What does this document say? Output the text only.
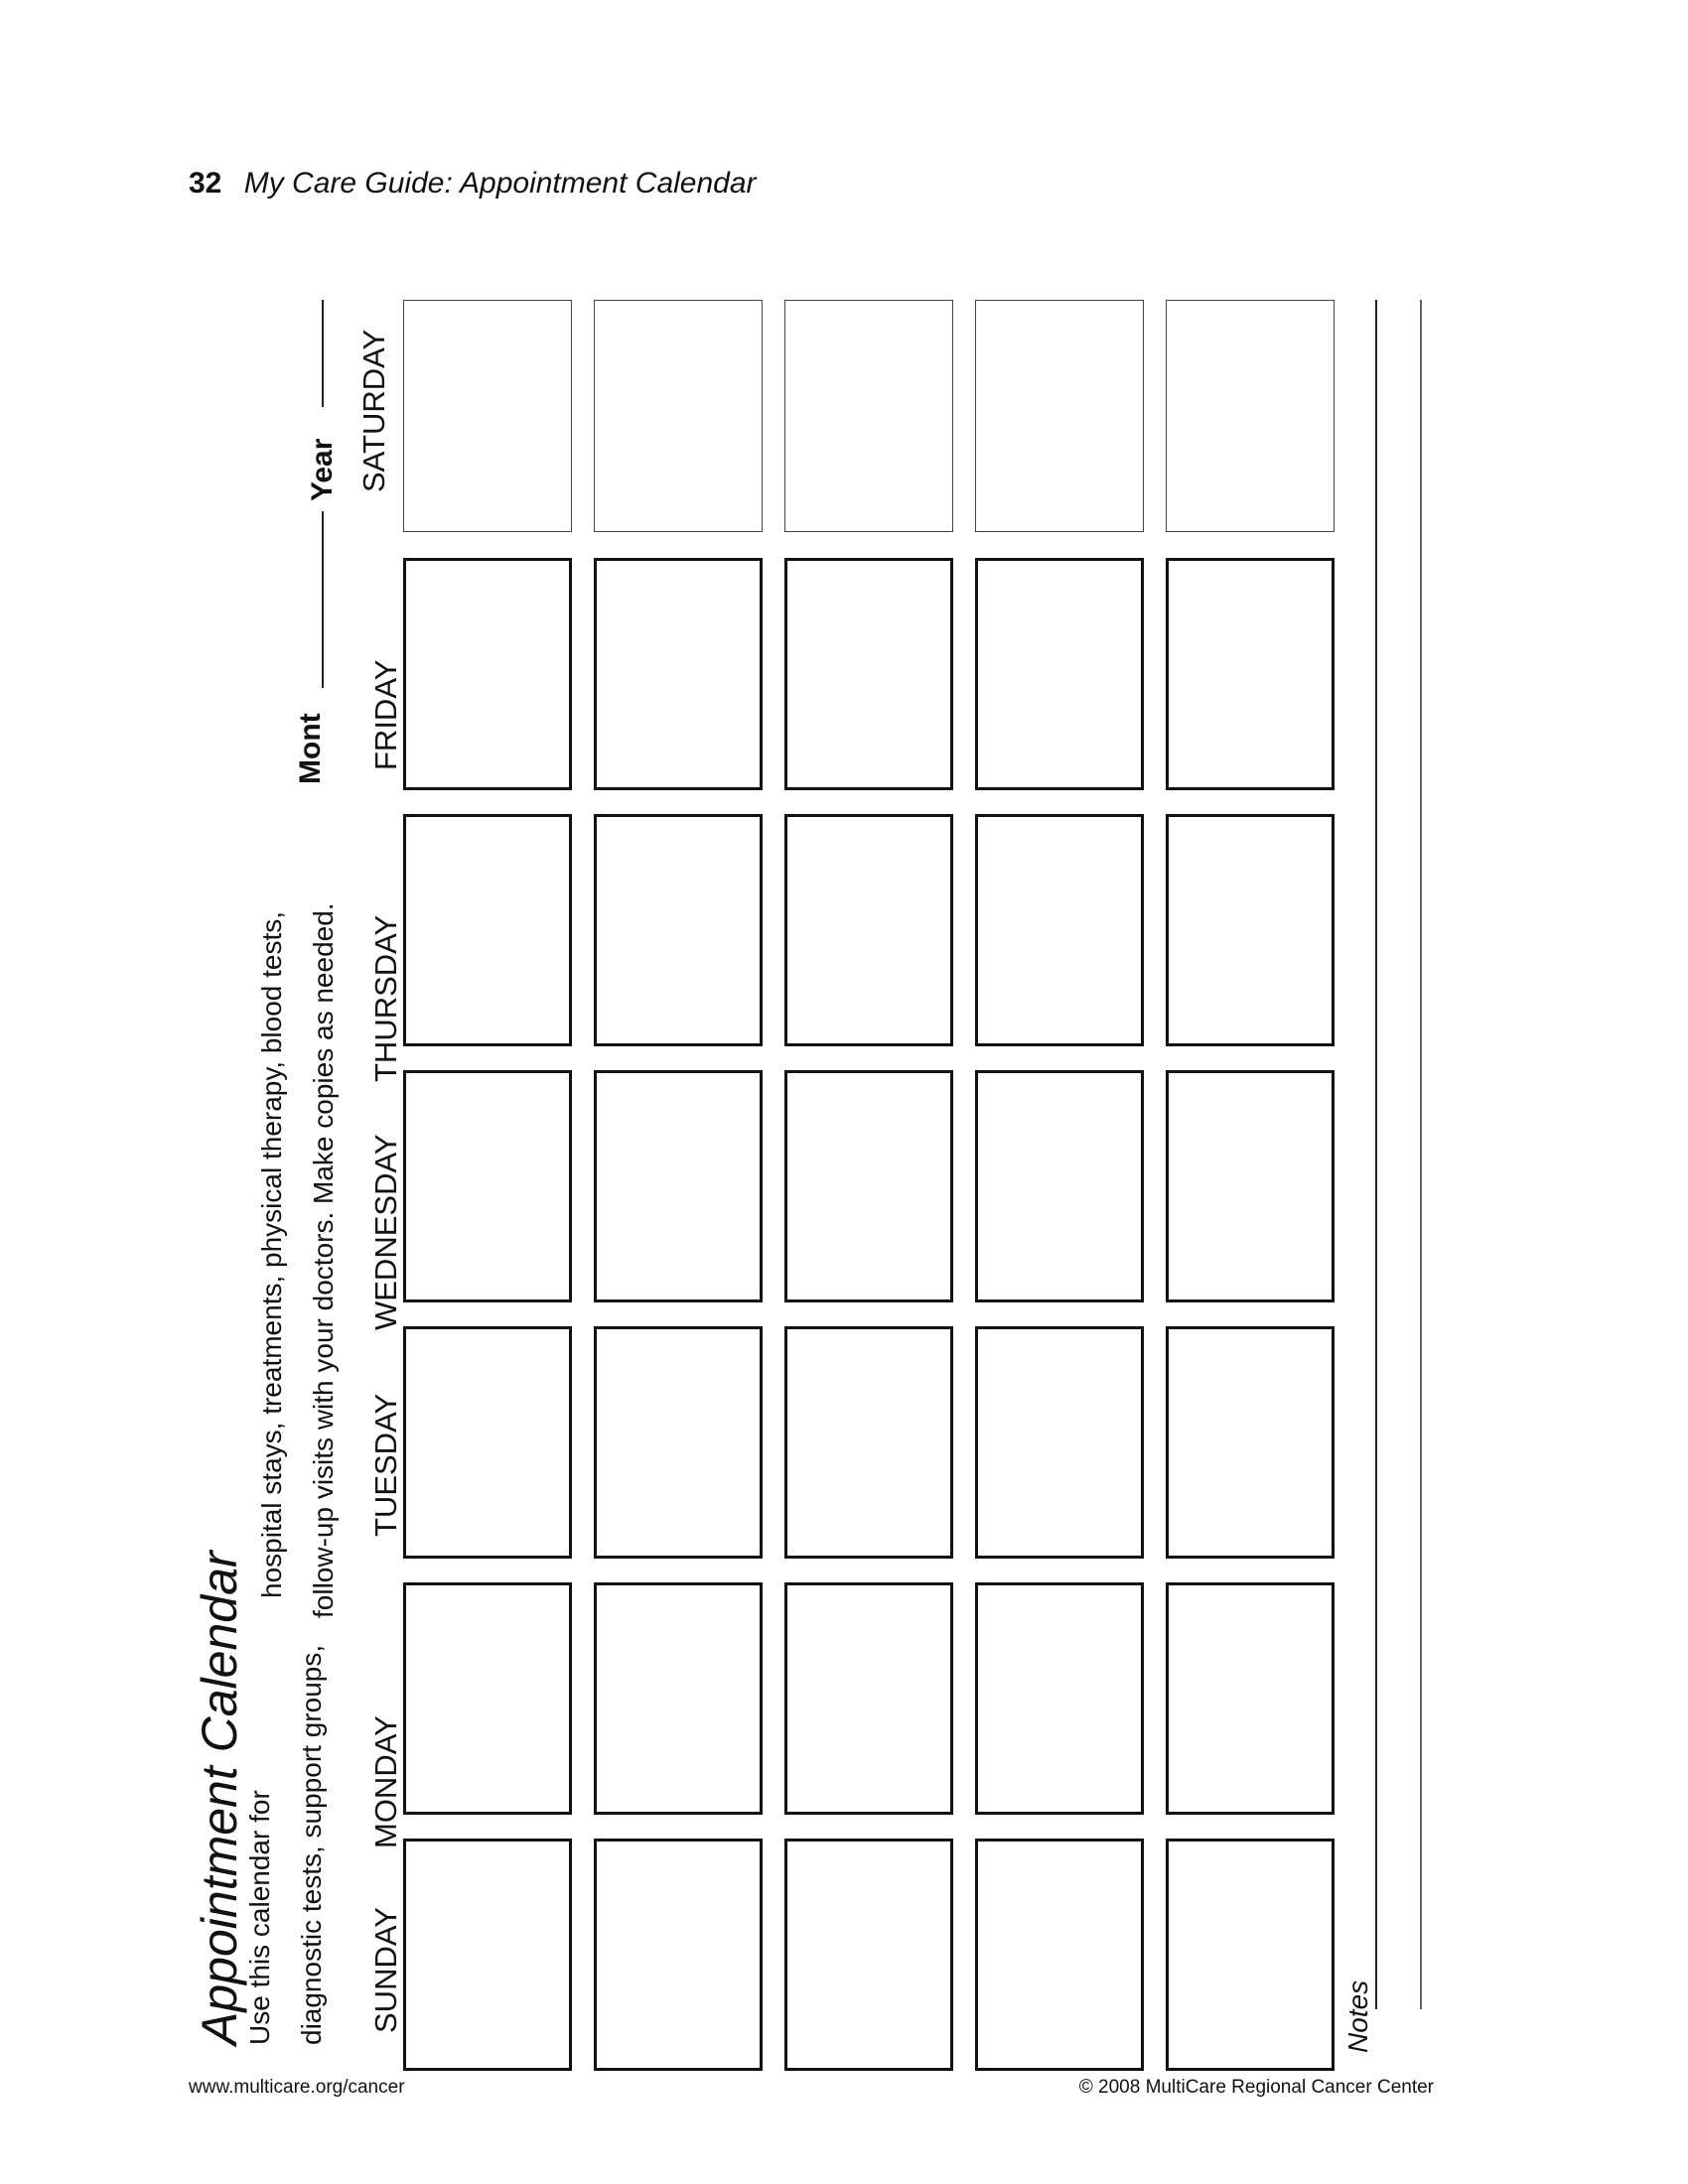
32 My Care Guide: Appointment Calendar
Appointment Calendar
Use this calendar for diagnostic tests, support groups,
hospital stays, treatments, physical therapy, blood tests, follow-up visits with your doctors. Make copies as needed.
Mont
Year
SUNDAY
MONDAY
TUESDAY
WEDNESDAY
THURSDAY
FRIDAY
SATURDAY
Notes
www.multicare.org/cancer	© 2008 MultiCare Regional Cancer Center
